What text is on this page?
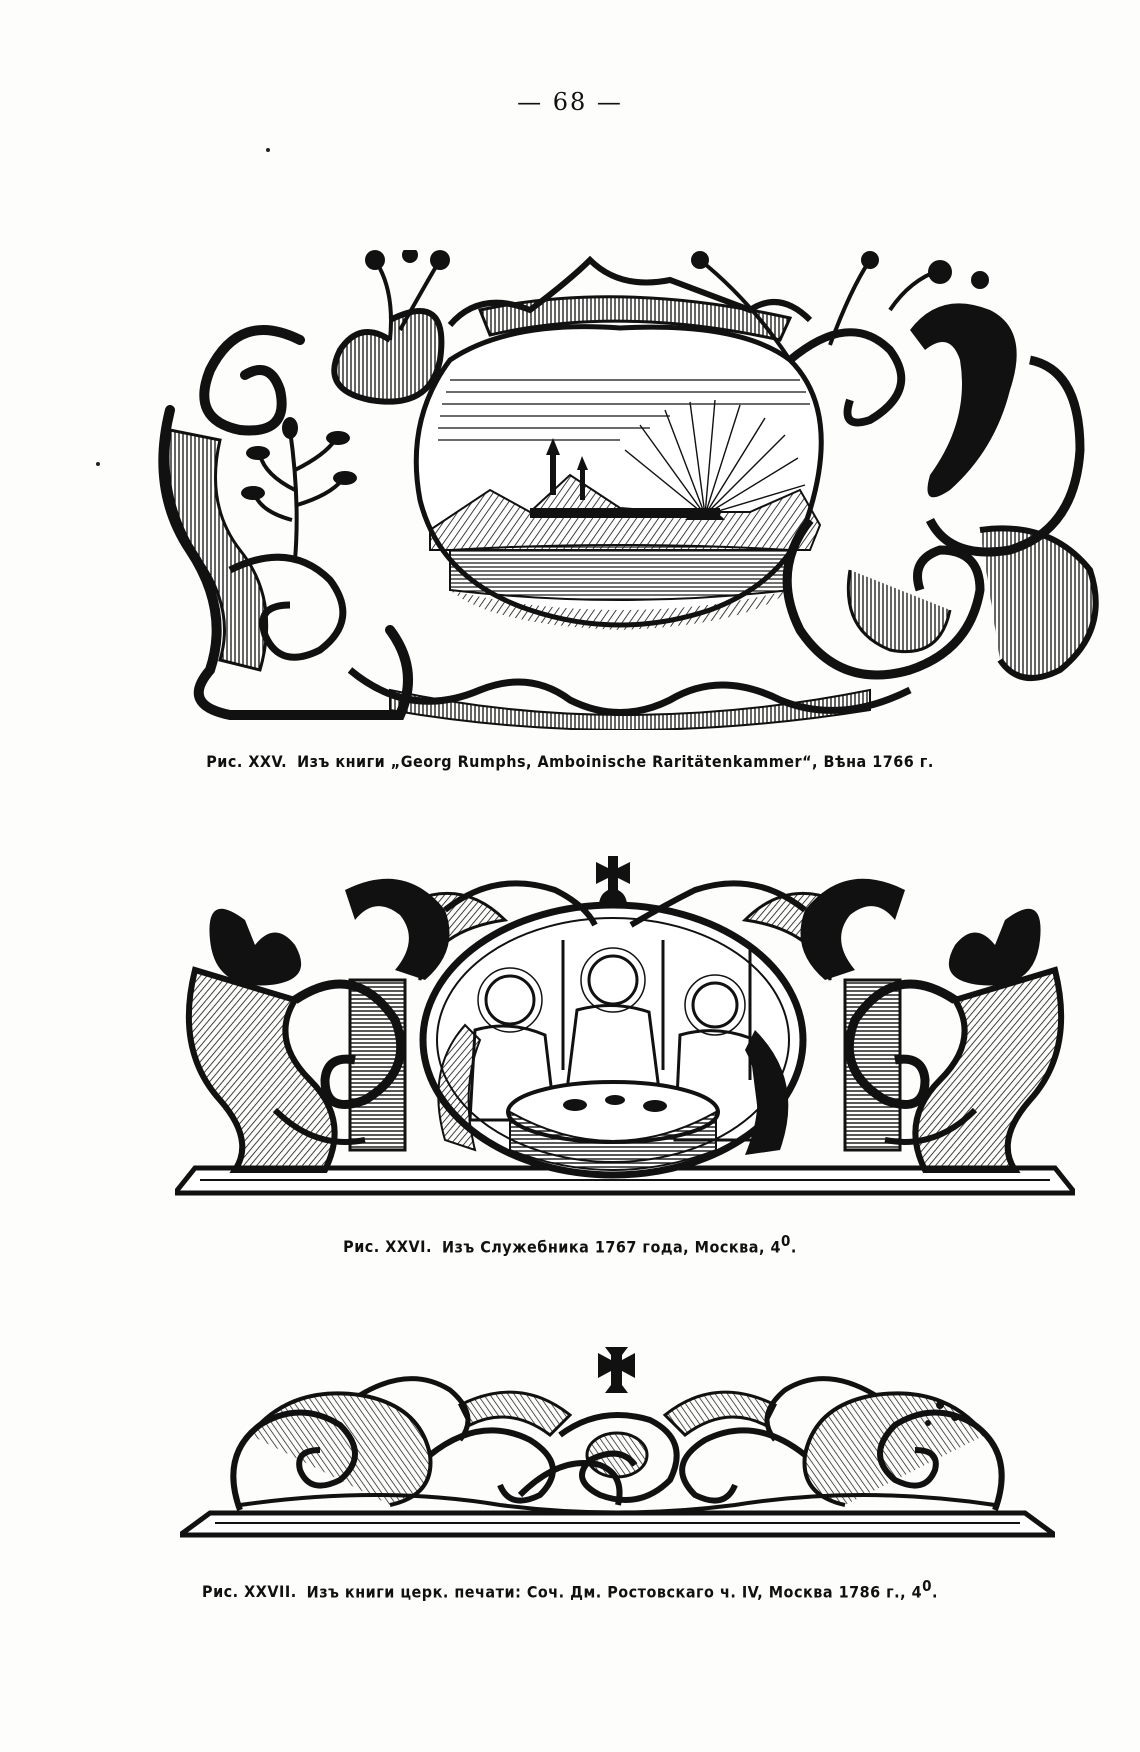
— 68 —
Рис. XXV. Изъ книги „Georg Rumphs, Amboinische Raritätenkammer“, Вѣна 1766 г.
Рис. XXVI. Изъ Служебника 1767 года, Москва, $4^0$.
Рис. XXVII. Изъ книги церк. печати: Соч. Дм. Ростовскаго ч. IV, Москва 1786 г., $4^0$.
